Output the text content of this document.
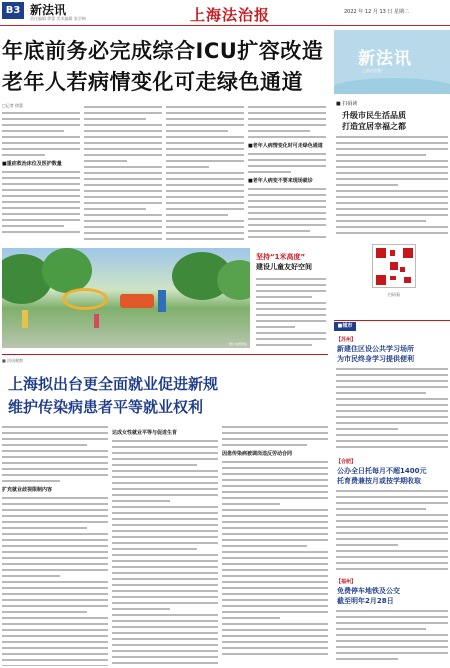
B3 新法讯
责任编辑 徐蕾 美术编辑 张学梅	上海法治报	2022 年 12 月 13 日 星期二
年底前务必完成综合ICU扩容改造
老年人若病情变化可走绿色通道
□记者 徐蕾
■重症救治床位及医护数量
■老年人病情变化时可走绿色通道
■老年人病变不要来现场就诊
图片来源网络
坚持“1米高度”
建设儿童友好空间
■ 法讯观察
上海拟出台更全面就业促进新规
维护传染病患者平等就业权利
扩充就业歧视限制内容
达成女性就业平等与促进生育
因患传染病被调岗违反劳动合同
新法讯
上海法治报
■ 扫码读
升级市民生活品质
打造宜居幸福之都
扫码看
■城市
【苏州】
新建住区设公共学习场所
为市民终身学习提供便利
【合肥】
公办全日托每月不超1400元
托育费兼按月或按学期收取
【福州】
免费停车地铁及公交
截至明年2月28日
